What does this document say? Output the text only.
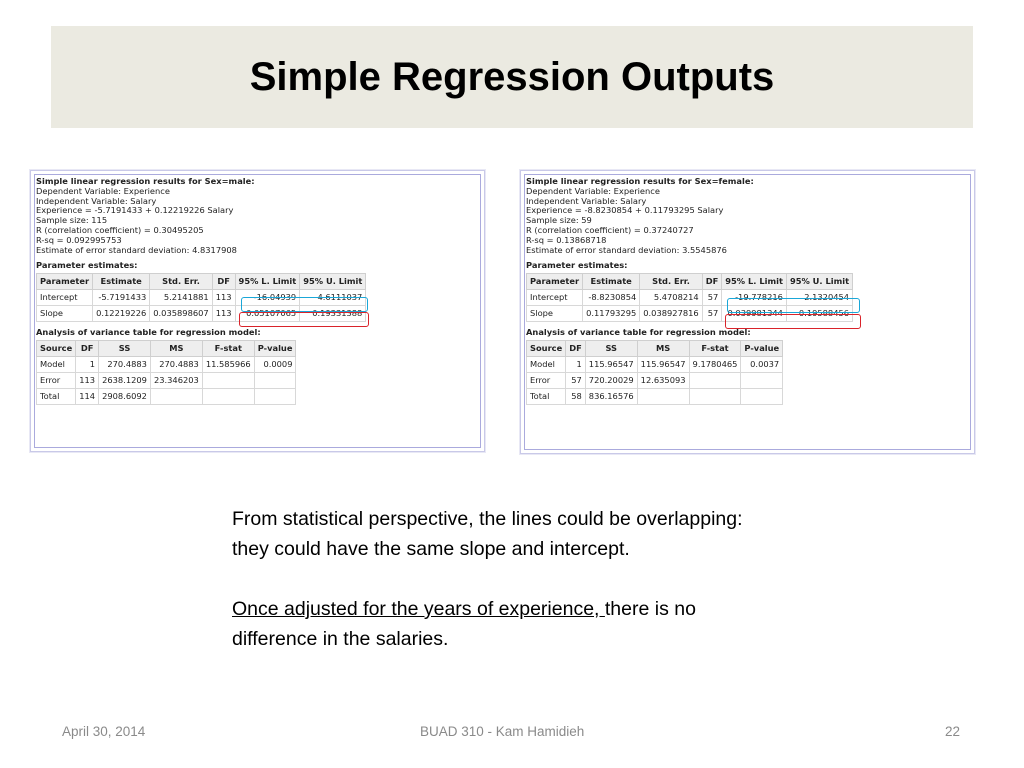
Simple Regression Outputs
Simple linear regression results for Sex=male:
Dependent Variable: Experience
Independent Variable: Salary
Experience = -5.7191433 + 0.12219226 Salary
Sample size: 115
R (correlation coefficient) = 0.30495205
R-sq = 0.092995753
Estimate of error standard deviation: 4.8317908
Parameter estimates:
Parameter	Estimate	Std. Err.	DF	95% L. Limit	95% U. Limit
Intercept	-5.7191433	5.2141881	113	-16.04939	4.6111037
Slope	0.12219226	0.035898607	113	0.05107065	0.19331388
Analysis of variance table for regression model:
Source	DF	SS	MS	F-stat	P-value
Model	1	270.4883	270.4883	11.585966	0.0009
Error	113	2638.1209	23.346203		
Total	114	2908.6092			
Simple linear regression results for Sex=female:
Dependent Variable: Experience
Independent Variable: Salary
Experience = -8.8230854 + 0.11793295 Salary
Sample size: 59
R (correlation coefficient) = 0.37240727
R-sq = 0.13868718
Estimate of error standard deviation: 3.5545876
Parameter estimates:
Parameter	Estimate	Std. Err.	DF	95% L. Limit	95% U. Limit
Intercept	-8.8230854	5.4708214	57	-19.778216	2.1320454
Slope	0.11793295	0.038927816	57	0.039981344	0.19588456
Analysis of variance table for regression model:
Source	DF	SS	MS	F-stat	P-value
Model	1	115.96547	115.96547	9.1780465	0.0037
Error	57	720.20029	12.635093		
Total	58	836.16576			

From statistical perspective, the lines could be overlapping:

they could have the same slope and intercept.

Once adjusted for the years of experience, there is no

difference in the salaries.

April 30, 2014	BUAD 310 - Kam Hamidieh	22
